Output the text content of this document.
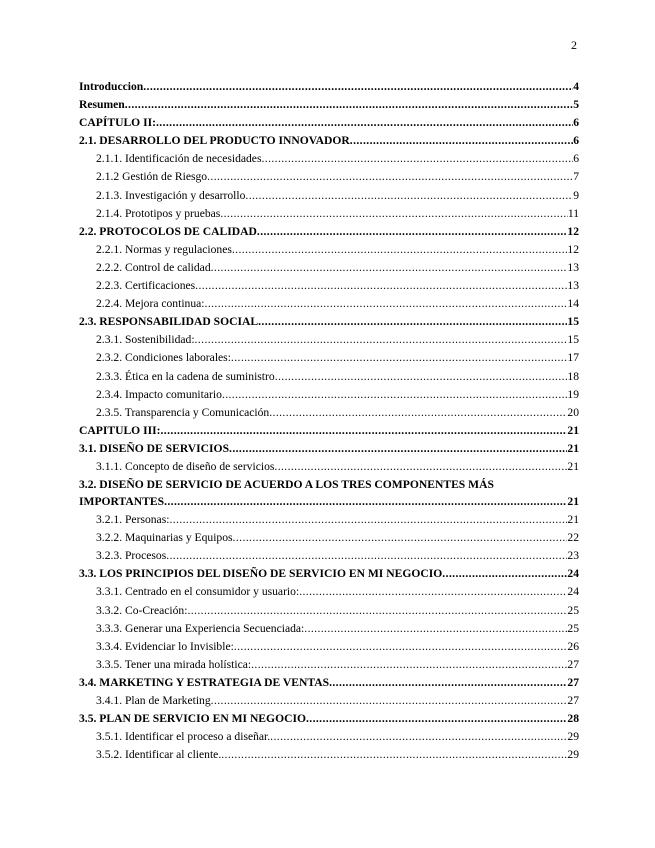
2
Introduccion .....	4
Resumen .....	5
CAPÍTULO II: .....	6
2.1. DESARROLLO DEL PRODUCTO INNOVADOR .....	6
2.1.1. Identificación de necesidades .....	6
2.1.2 Gestión de Riesgo .....	7
2.1.3. Investigación y desarrollo .....	9
2.1.4. Prototipos y pruebas .....	11
2.2. PROTOCOLOS DE CALIDAD .....	12
2.2.1. Normas y regulaciones .....	12
2.2.2. Control de calidad .....	13
2.2.3. Certificaciones .....	13
2.2.4. Mejora continua: .....	14
2.3. RESPONSABILIDAD SOCIAL .....	15
2.3.1. Sostenibilidad: .....	15
2.3.2. Condiciones laborales: .....	17
2.3.3. Ética en la cadena de suministro .....	18
2.3.4. Impacto comunitario .....	19
2.3.5. Transparencia y Comunicación .....	20
CAPITULO III: .....	21
3.1. DISEÑO DE SERVICIOS .....	21
3.1.1. Concepto de diseño de servicios .....	21
3.2. DISEÑO DE SERVICIO DE ACUERDO A LOS TRES COMPONENTES MÁS
IMPORTANTES .....	21
3.2.1. Personas: .....	21
3.2.2. Maquinarias y Equipos .....	22
3.2.3. Procesos .....	23
3.3. LOS PRINCIPIOS DEL DISEÑO DE SERVICIO EN MI NEGOCIO .....	24
3.3.1. Centrado en el consumidor y usuario: .....	24
3.3.2. Co-Creación: .....	25
3.3.3. Generar una Experiencia Secuenciada: .....	25
3.3.4. Evidenciar lo Invisible: .....	26
3.3.5. Tener una mirada holística: .....	27
3.4. MARKETING Y ESTRATEGIA DE VENTAS .....	27
3.4.1. Plan de Marketing .....	27
3.5. PLAN DE SERVICIO EN MI NEGOCIO .....	28
3.5.1. Identificar el proceso a diseñar. .....	29
3.5.2. Identificar al cliente. .....	29
